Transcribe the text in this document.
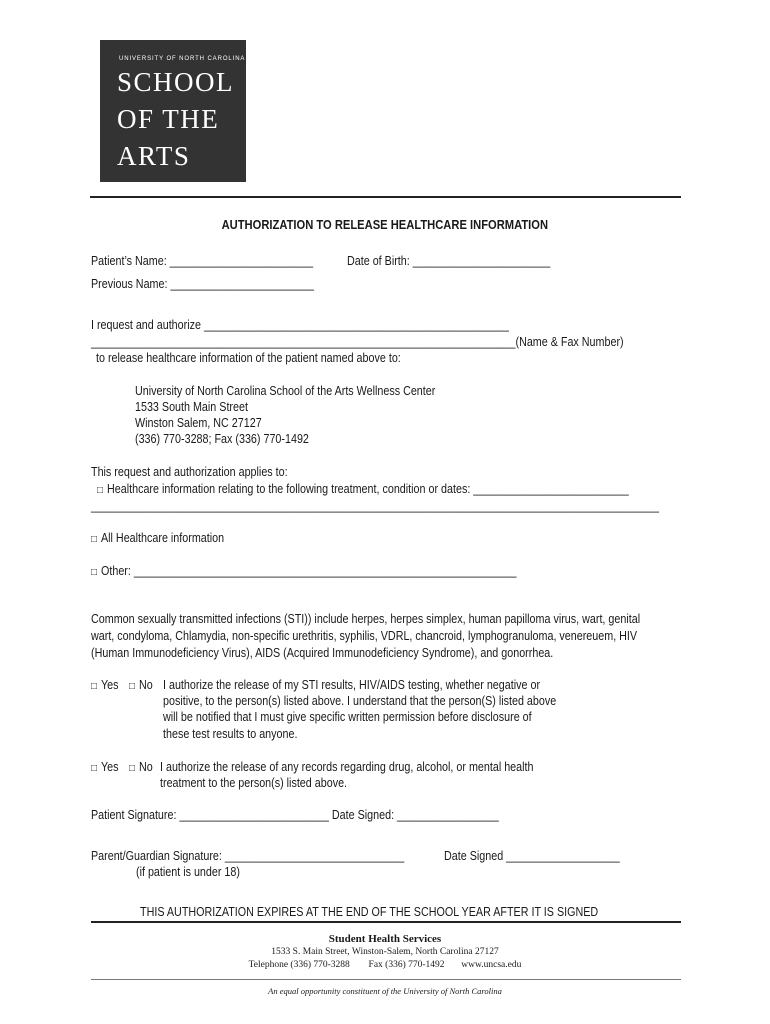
UNIVERSITY OF NORTH CAROLINA
SCHOOL
OF THE
ARTS
AUTHORIZATION TO RELEASE HEALTHCARE INFORMATION
Patient’s Name: ________________________	Date of Birth: _______________________
Previous Name: ________________________
I request and authorize ___________________________________________________
_______________________________________________________________________(Name & Fax Number)
to release healthcare information of the patient named above to:
University of North Carolina School of the Arts Wellness Center
1533 South Main Street
Winston Salem, NC 27127
(336) 770-3288; Fax (336) 770-1492
This request and authorization applies to:
□ Healthcare information relating to the following treatment, condition or dates: __________________________
_______________________________________________________________________________________________
□ All Healthcare information
□ Other: ________________________________________________________________
Common sexually transmitted infections (STI)) include herpes, herpes simplex, human papilloma virus, wart, genital
wart, condyloma, Chlamydia, non-specific urethritis, syphilis, VDRL, chancroid, lymphogranuloma, venereuem, HIV
(Human Immunodeficiency Virus), AIDS (Acquired Immunodeficiency Syndrome), and gonorrhea.
□ Yes □ No I authorize the release of my STI results, HIV/AIDS testing, whether negative or
positive, to the person(s) listed above. I understand that the person(S) listed above
will be notified that I must give specific written permission before disclosure of
these test results to anyone.
□ Yes □ No I authorize the release of any records regarding drug, alcohol, or mental health
treatment to the person(s) listed above.
Patient Signature: _________________________ Date Signed: _________________
Parent/Guardian Signature: ______________________________	Date Signed ___________________
(if patient is under 18)
THIS AUTHORIZATION EXPIRES AT THE END OF THE SCHOOL YEAR AFTER IT IS SIGNED
Student Health Services
1533 S. Main Street, Winston-Salem, North Carolina 27127
Telephone (336) 770-3288 Fax (336) 770-1492 www.uncsa.edu
An equal opportunity constituent of the University of North Carolina
